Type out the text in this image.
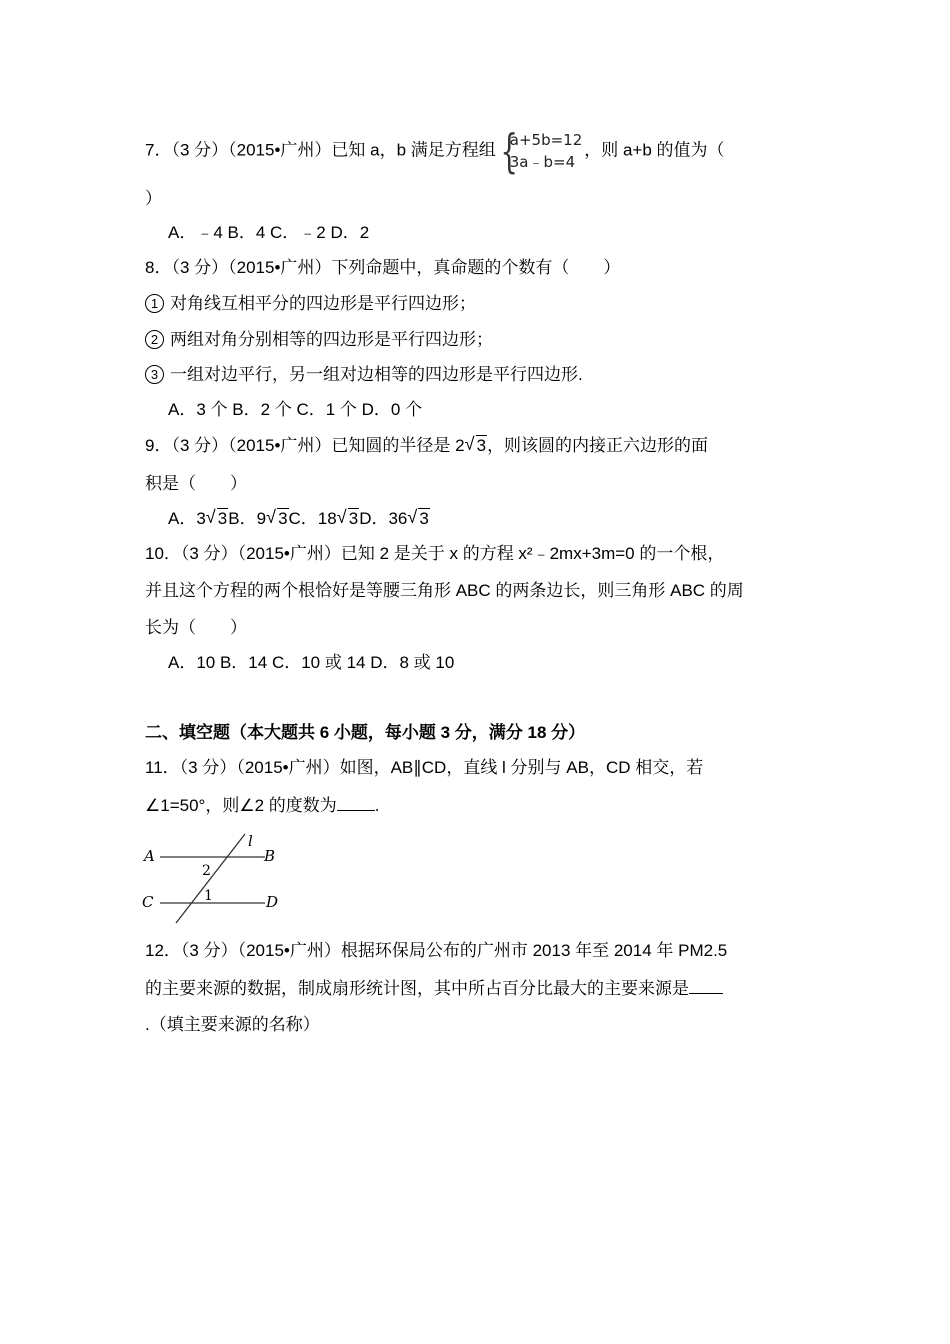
7．（3 分）（2015•广州）已知 a，b 满足方程组 {
a+5b=12
3a﹣b=4
，则 a+b 的值为（
）
A．﹣4 B．4 C．﹣2 D．2
8．（3 分）（2015•广州）下列命题中，真命题的个数有（　　）
1 对角线互相平分的四边形是平行四边形；
2 两组对角分别相等的四边形是平行四边形；
3 一组对边平行，另一组对边相等的四边形是平行四边形.
A．3 个 B．2 个 C．1 个 D．0 个
9．（3 分）（2015•广州）已知圆的半径是 2 √ 3，则该圆的内接正六边形的面
积是（　　）
A．3 √ 3B．9 √ 3C．18 √ 3D．36 √ 3
10．（3 分）（2015•广州）已知 2 是关于 x 的方程 x²﹣2mx+3m=0 的一个根，
并且这个方程的两个根恰好是等腰三角形 ABC 的两条边长，则三角形 ABC 的周
长为（　　）
A．10 B．14 C．10 或 14 D．8 或 10
二、填空题（本大题共 6 小题，每小题 3 分，满分 18 分）
11．（3 分）（2015•广州）如图，AB∥CD，直线 l 分别与 AB，CD 相交，若
∠1=50°，则∠2 的度数为 .
A	B
C	D
l
2
1
12．（3 分）（2015•广州）根据环保局公布的广州市 2013 年至 2014 年 PM2.5
的主要来源的数据，制成扇形统计图，其中所占百分比最大的主要来源是
.（填主要来源的名称）
